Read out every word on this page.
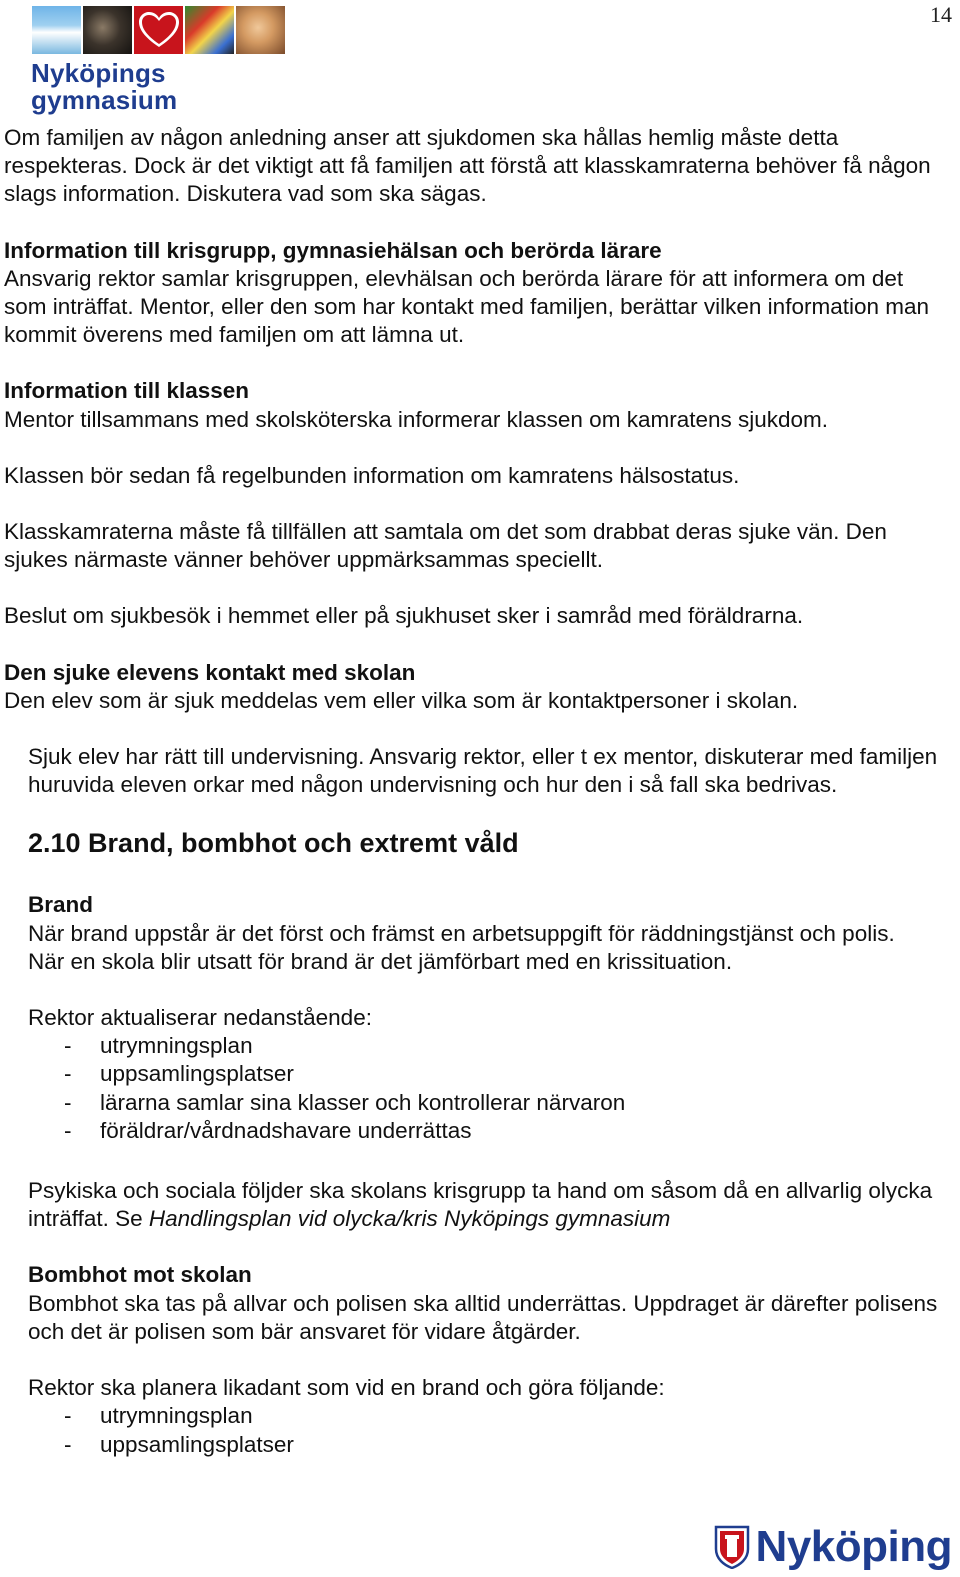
14
Nyköpings
gymnasium

Om familjen av någon anledning anser att sjukdomen ska hållas hemlig måste detta respekteras. Dock är det viktigt att få familjen att förstå att klasskamraterna behöver få någon slags information. Diskutera vad som ska sägas.

Information till krisgrupp, gymnasiehälsan och berörda lärare

Ansvarig rektor samlar krisgruppen, elevhälsan och berörda lärare för att informera om det som inträffat. Mentor, eller den som har kontakt med familjen, berättar vilken information man kommit överens med familjen om att lämna ut.

Information till klassen

Mentor tillsammans med skolsköterska informerar klassen om kamratens sjukdom.

Klassen bör sedan få regelbunden information om kamratens hälsostatus.

Klasskamraterna måste få tillfällen att samtala om det som drabbat deras sjuke vän. Den sjukes närmaste vänner behöver uppmärksammas speciellt.

Beslut om sjukbesök i hemmet eller på sjukhuset sker i samråd med föräldrarna.

Den sjuke elevens kontakt med skolan

Den elev som är sjuk meddelas vem eller vilka som är kontaktpersoner i skolan.

Sjuk elev har rätt till undervisning. Ansvarig rektor, eller t ex mentor, diskuterar med familjen huruvida eleven orkar med någon undervisning och hur den i så fall ska bedrivas.

2.10 Brand, bombhot och extremt våld
Brand

När brand uppstår är det först och främst en arbetsuppgift för räddningstjänst och polis.

När en skola blir utsatt för brand är det jämförbart med en krissituation.

Rektor aktualiserar nedanstående:

- utrymningsplan
- uppsamlingsplatser
- lärarna samlar sina klasser och kontrollerar närvaron
- föräldrar/vårdnadshavare underrättas

Psykiska och sociala följder ska skolans krisgrupp ta hand om såsom då en allvarlig olycka inträffat. Se Handlingsplan vid olycka/kris Nyköpings gymnasium

Bombhot mot skolan

Bombhot ska tas på allvar och polisen ska alltid underrättas. Uppdraget är därefter polisens och det är polisen som bär ansvaret för vidare åtgärder.

Rektor ska planera likadant som vid en brand och göra följande:

- utrymningsplan
- uppsamlingsplatser
Nyköping
